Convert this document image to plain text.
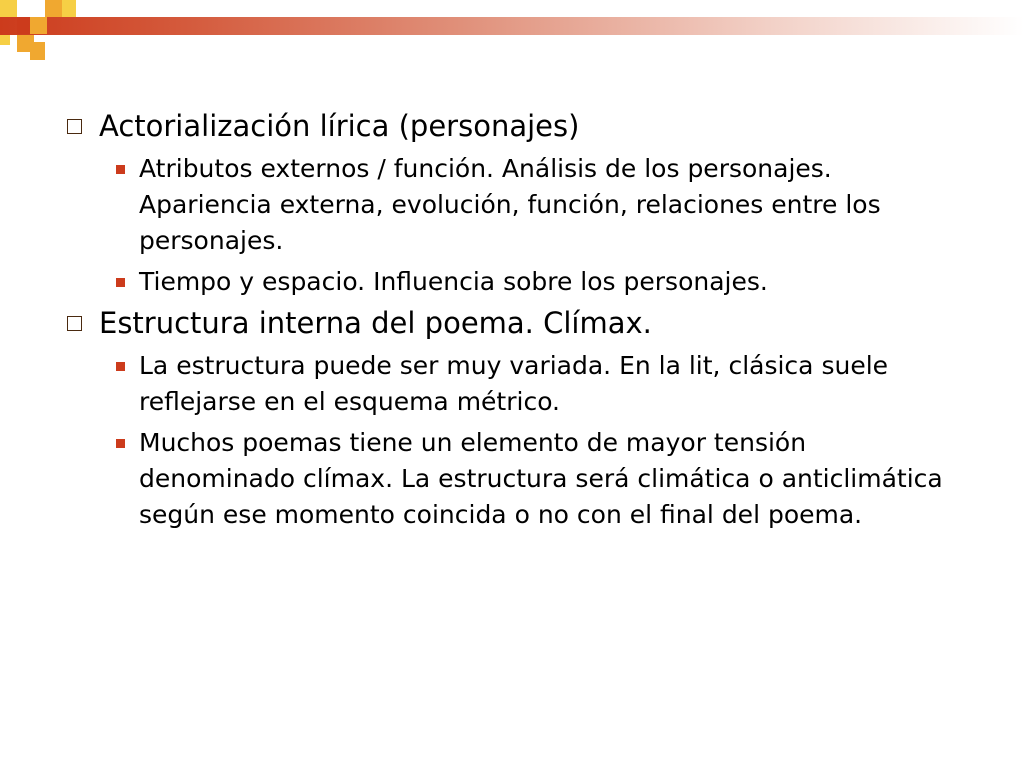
Actorialización lírica (personajes)
Atributos externos / función. Análisis de los personajes. Apariencia externa, evolución, función, relaciones entre los personajes.
Tiempo y espacio. Influencia sobre los personajes.
Estructura interna del poema. Clímax.
La estructura puede ser muy variada. En la lit, clásica suele reflejarse en el esquema métrico.
Muchos poemas tiene un elemento de mayor tensión denominado clímax. La estructura será climática o anticlimática según ese momento coincida o no con el final del poema.
